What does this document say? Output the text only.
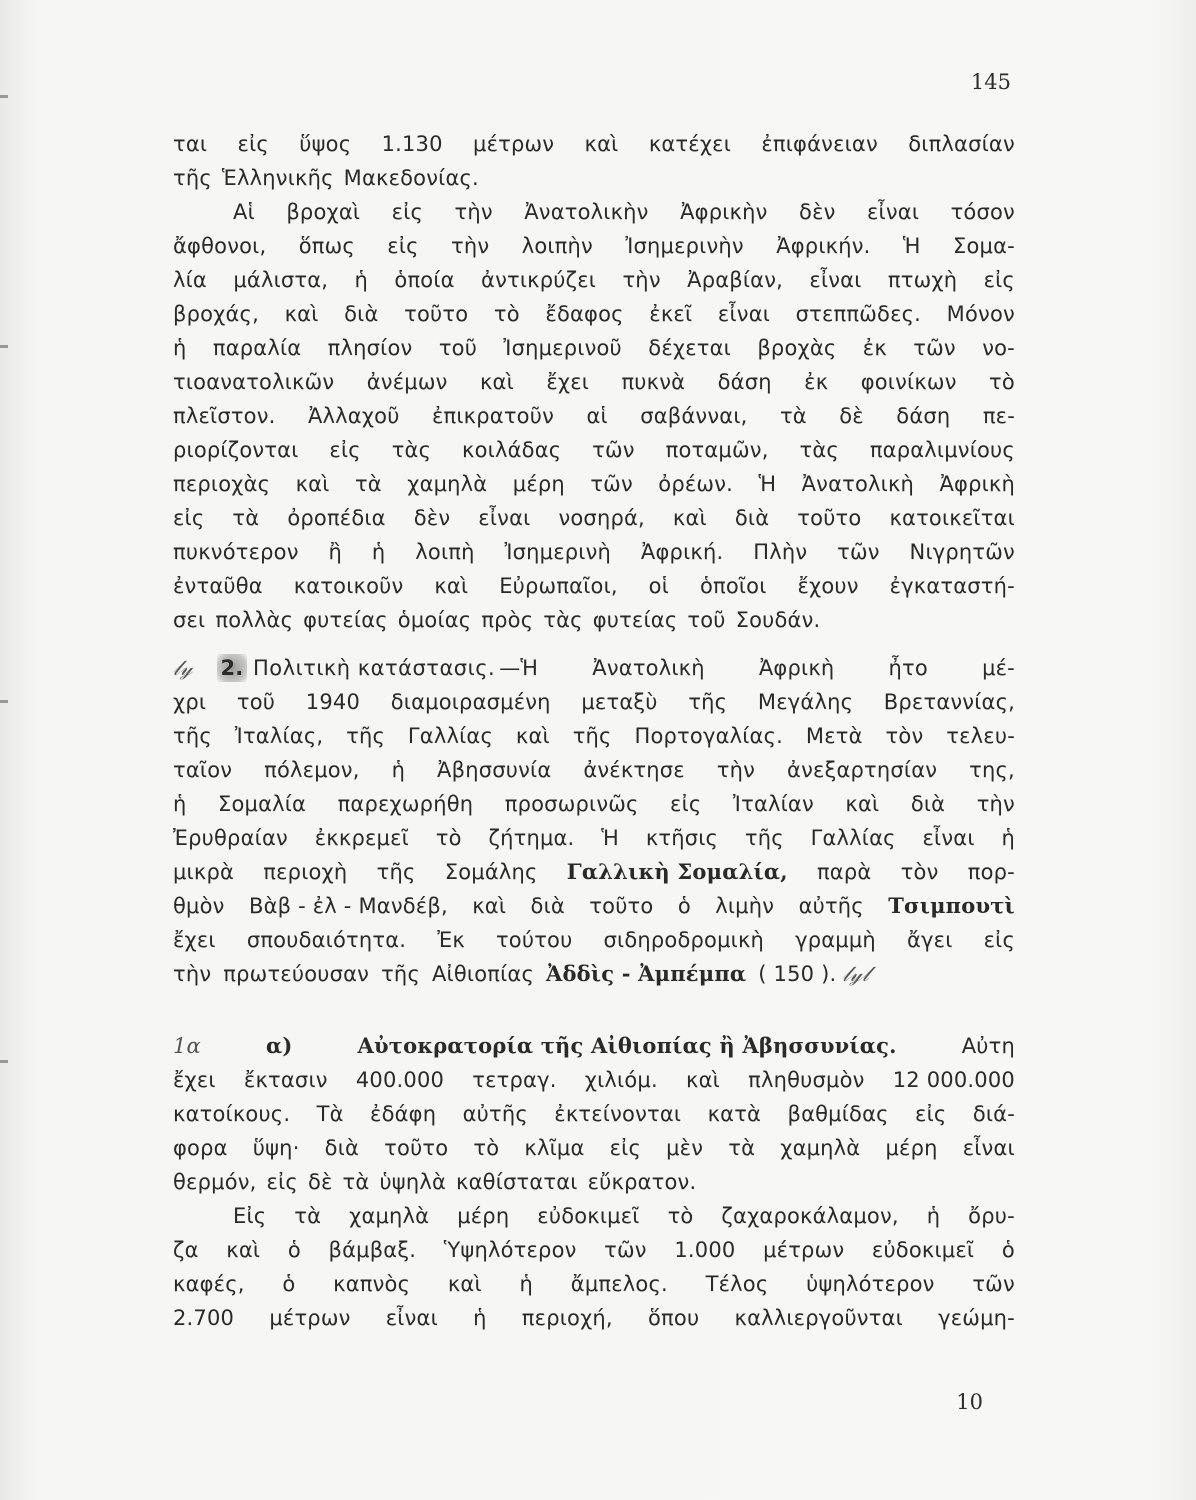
145
ται εἰς ὕψος 1.130 μέτρων καὶ κατέχει ἐπιφάνειαν διπλασίαν
τῆς Ἑλληνικῆς Μακεδονίας.
Αἱ βροχαὶ εἰς τὴν Ἀνατολικὴν Ἀφρικὴν δὲν εἶναι τόσον
ἄφθονοι, ὅπως εἰς τὴν λοιπὴν Ἰσημερινὴν Ἀφρικήν. Ἡ Σομα-
λία μάλιστα, ἡ ὁποία ἀντικρύζει τὴν Ἀραβίαν, εἶναι πτωχὴ εἰς
βροχάς, καὶ διὰ τοῦτο τὸ ἔδαφος ἐκεῖ εἶναι στεππῶδες. Μόνον
ἡ παραλία πλησίον τοῦ Ἰσημερινοῦ δέχεται βροχὰς ἐκ τῶν νο-
τιοανατολικῶν ἀνέμων καὶ ἔχει πυκνὰ δάση ἐκ φοινίκων τὸ
πλεῖστον. Ἀλλαχοῦ ἐπικρατοῦν αἱ σαβάνναι, τὰ δὲ δάση πε-
ριορίζονται εἰς τὰς κοιλάδας τῶν ποταμῶν, τὰς παραλιμνίους
περιοχὰς καὶ τὰ χαμηλὰ μέρη τῶν ὀρέων. Ἡ Ἀνατολικὴ Ἀφρικὴ
εἰς τὰ ὀροπέδια δὲν εἶναι νοσηρά, καὶ διὰ τοῦτο κατοικεῖται
πυκνότερον ἢ ἡ λοιπὴ Ἰσημερινὴ Ἀφρική. Πλὴν τῶν Νιγρητῶν
ἐνταῦθα κατοικοῦν καὶ Εὐρωπαῖοι, οἱ ὁποῖοι ἔχουν ἐγκαταστή-
σει πολλὰς φυτείας ὁμοίας πρὸς τὰς φυτείας τοῦ Σουδάν.
𝓁𝓎	2. Πολιτικὴ κατάστασις. —Ἡ	Ἀνατολικὴ	Ἀφρικὴ	ἦτο	μέ-
χρι τοῦ 1940 διαμοιρασμένη μεταξὺ τῆς Μεγάλης Βρεταννίας,
τῆς Ἰταλίας, τῆς Γαλλίας καὶ τῆς Πορτογαλίας. Μετὰ τὸν τελευ-
ταῖον πόλεμον, ἡ Ἀβησσυνία ἀνέκτησε τὴν ἀνεξαρτησίαν της,
ἡ Σομαλία παρεχωρήθη προσωρινῶς εἰς Ἰταλίαν καὶ διὰ τὴν
Ἐρυθραίαν ἐκκρεμεῖ τὸ ζήτημα. Ἡ κτῆσις τῆς Γαλλίας εἶναι ἡ
μικρὰ περιοχὴ τῆς Σομάλης Γαλλικὴ Σομαλία, παρὰ τὸν πορ-
θμὸν Βὰβ - ἐλ - Μανδέβ, καὶ διὰ τοῦτο ὁ λιμὴν αὐτῆς Τσιμπουτὶ
ἔχει σπουδαιότητα. Ἐκ τούτου σιδηροδρομικὴ γραμμὴ ἄγει εἰς
τὴν πρωτεύουσαν τῆς Αἰθιοπίας Ἀδδὶς - Ἀμπέμπα ( 150 ). 𝓁𝓎𝓁
1α	α)	Αὐτοκρατορία τῆς Αἰθιοπίας ἢ Ἀβησσυνίας.	Αὐτη
ἔχει ἔκτασιν 400.000 τετραγ. χιλιόμ. καὶ πληθυσμὸν 12 000.000
κατοίκους. Τὰ ἐδάφη αὐτῆς ἐκτείνονται κατὰ βαθμίδας εἰς διά-
φορα ὕψη· διὰ τοῦτο τὸ κλῖμα εἰς μὲν τὰ χαμηλὰ μέρη εἶναι
θερμόν, εἰς δὲ τὰ ὑψηλὰ καθίσταται εὔκρατον.
Εἰς τὰ χαμηλὰ μέρη εὐδοκιμεῖ τὸ ζαχαροκάλαμον, ἡ ὄρυ-
ζα καὶ ὁ βάμβαξ. Ὑψηλότερον τῶν 1.000 μέτρων εὐδοκιμεῖ ὁ
καφές, ὁ καπνὸς καὶ ἡ ἄμπελος. Τέλος ὑψηλότερον τῶν
2.700 μέτρων εἶναι ἡ περιοχή, ὅπου καλλιεργοῦνται γεώμη-
10
